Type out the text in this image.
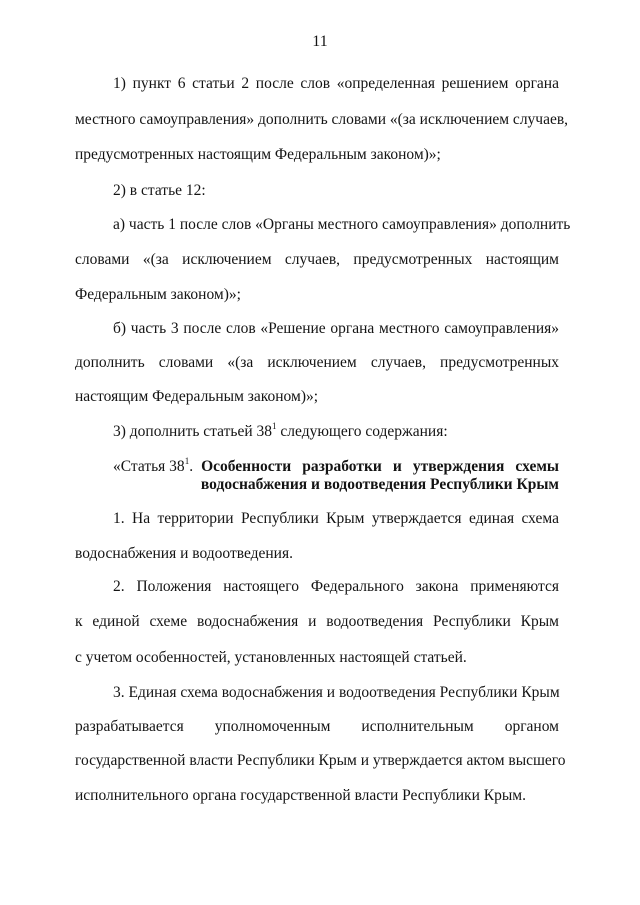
11
1) пункт 6 статьи 2 после слов «определенная решением органа
местного самоуправления» дополнить словами «(за исключением случаев,
предусмотренных настоящим Федеральным законом)»;
2) в статье 12:
а) часть 1 после слов «Органы местного самоуправления» дополнить
словами «(за исключением случаев, предусмотренных настоящим
Федеральным законом)»;
б) часть 3 после слов «Решение органа местного самоуправления»
дополнить словами «(за исключением случаев, предусмотренных
настоящим Федеральным законом)»;
3) дополнить статьей $38^1$ следующего содержания:
«Статья $38^1$. Особенности разработки и утверждения схемы
водоснабжения и водоотведения Республики Крым
1. На территории Республики Крым утверждается единая схема
водоснабжения и водоотведения.
2. Положения настоящего Федерального закона применяются
к единой схеме водоснабжения и водоотведения Республики Крым
с учетом особенностей, установленных настоящей статьей.
3. Единая схема водоснабжения и водоотведения Республики Крым
разрабатывается уполномоченным исполнительным органом
государственной власти Республики Крым и утверждается актом высшего
исполнительного органа государственной власти Республики Крым.
